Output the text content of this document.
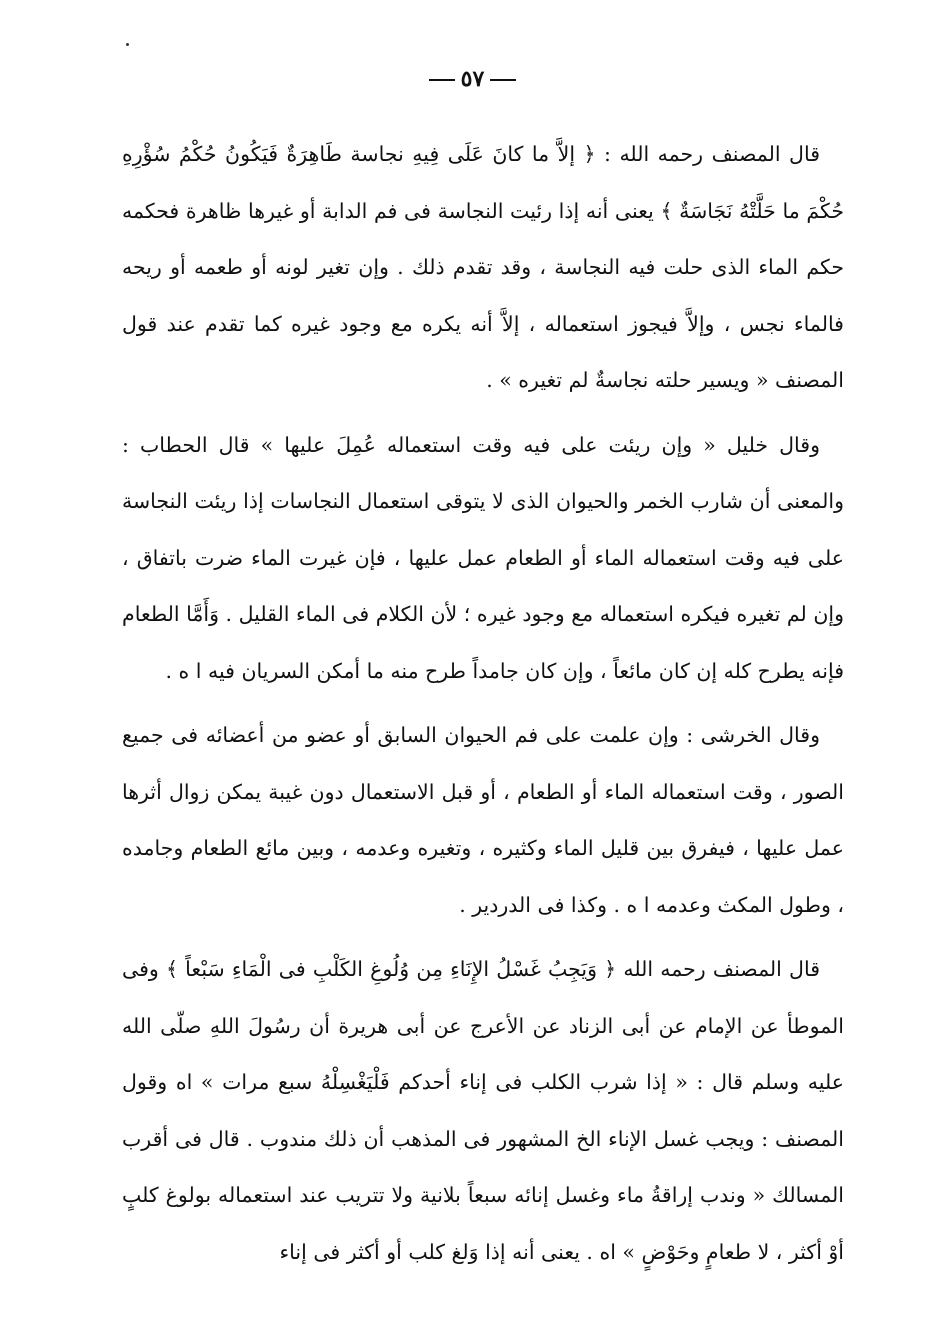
٥٧

قال المصنف رحمه الله : ﴿ إلاَّ ما كانَ عَلَى فِيهِ نجاسة طَاهِرَةٌ فَيَكُونُ حُكْمُ سُؤْرِهِ حُكْمَ ما حَلَّتْهُ نَجَاسَةٌ ﴾ يعنى أنه إذا رئيت النجاسة فى فم الدابة أو غيرها ظاهرة فحكمه حكم الماء الذى حلت فيه النجاسة ، وقد تقدم ذلك . وإن تغير لونه أو طعمه أو ريحه فالماء نجس ، وإلاَّ فيجوز استعماله ، إلاَّ أنه يكره مع وجود غيره كما تقدم عند قول المصنف « ويسير حلته نجاسةٌ لم تغيره » .

وقال خليل « وإن ريئت على فيه وقت استعماله عُمِلَ عليها » قال الحطاب : والمعنى أن شارب الخمر والحيوان الذى لا يتوقى استعمال النجاسات إذا ريئت النجاسة على فيه وقت استعماله الماء أو الطعام عمل عليها ، فإن غيرت الماء ضرت باتفاق ، وإن لم تغيره فيكره استعماله مع وجود غيره ؛ لأن الكلام فى الماء القليل . وَأَمَّا الطعام فإنه يطرح كله إن كان مائعاً ، وإن كان جامداً طرح منه ما أمكن السريان فيه ا ه .

وقال الخرشى : وإن علمت على فم الحيوان السابق أو عضو من أعضائه فى جميع الصور ، وقت استعماله الماء أو الطعام ، أو قبل الاستعمال دون غيبة يمكن زوال أثرها عمل عليها ، فيفرق بين قليل الماء وكثيره ، وتغيره وعدمه ، وبين مائع الطعام وجامده ، وطول المكث وعدمه ا ه . وكذا فى الدردير .

قال المصنف رحمه الله ﴿ وَيَجِبُ غَسْلُ الإِنَاءِ مِن وُلُوغِ الكَلْبِ فى الْمَاءِ سَبْعاً ﴾ وفى الموطأ عن الإمام عن أبى الزناد عن الأعرج عن أبى هريرة أن رسُولَ اللهِ صلّى الله عليه وسلم قال : « إذا شرب الكلب فى إناء أحدكم فَلْيَغْسِلْهُ سبع مرات » اه وقول المصنف : ويجب غسل الإناء الخ المشهور فى المذهب أن ذلك مندوب . قال فى أقرب المسالك « وندب إراقةُ ماء وغسل إنائه سبعاً بلانية ولا تتريب عند استعماله بولوغ كلبٍ أوْ أكثر ، لا طعامٍ وحَوْضٍ » اه . يعنى أنه إذا وَلغ كلب أو أكثر فى إناء
